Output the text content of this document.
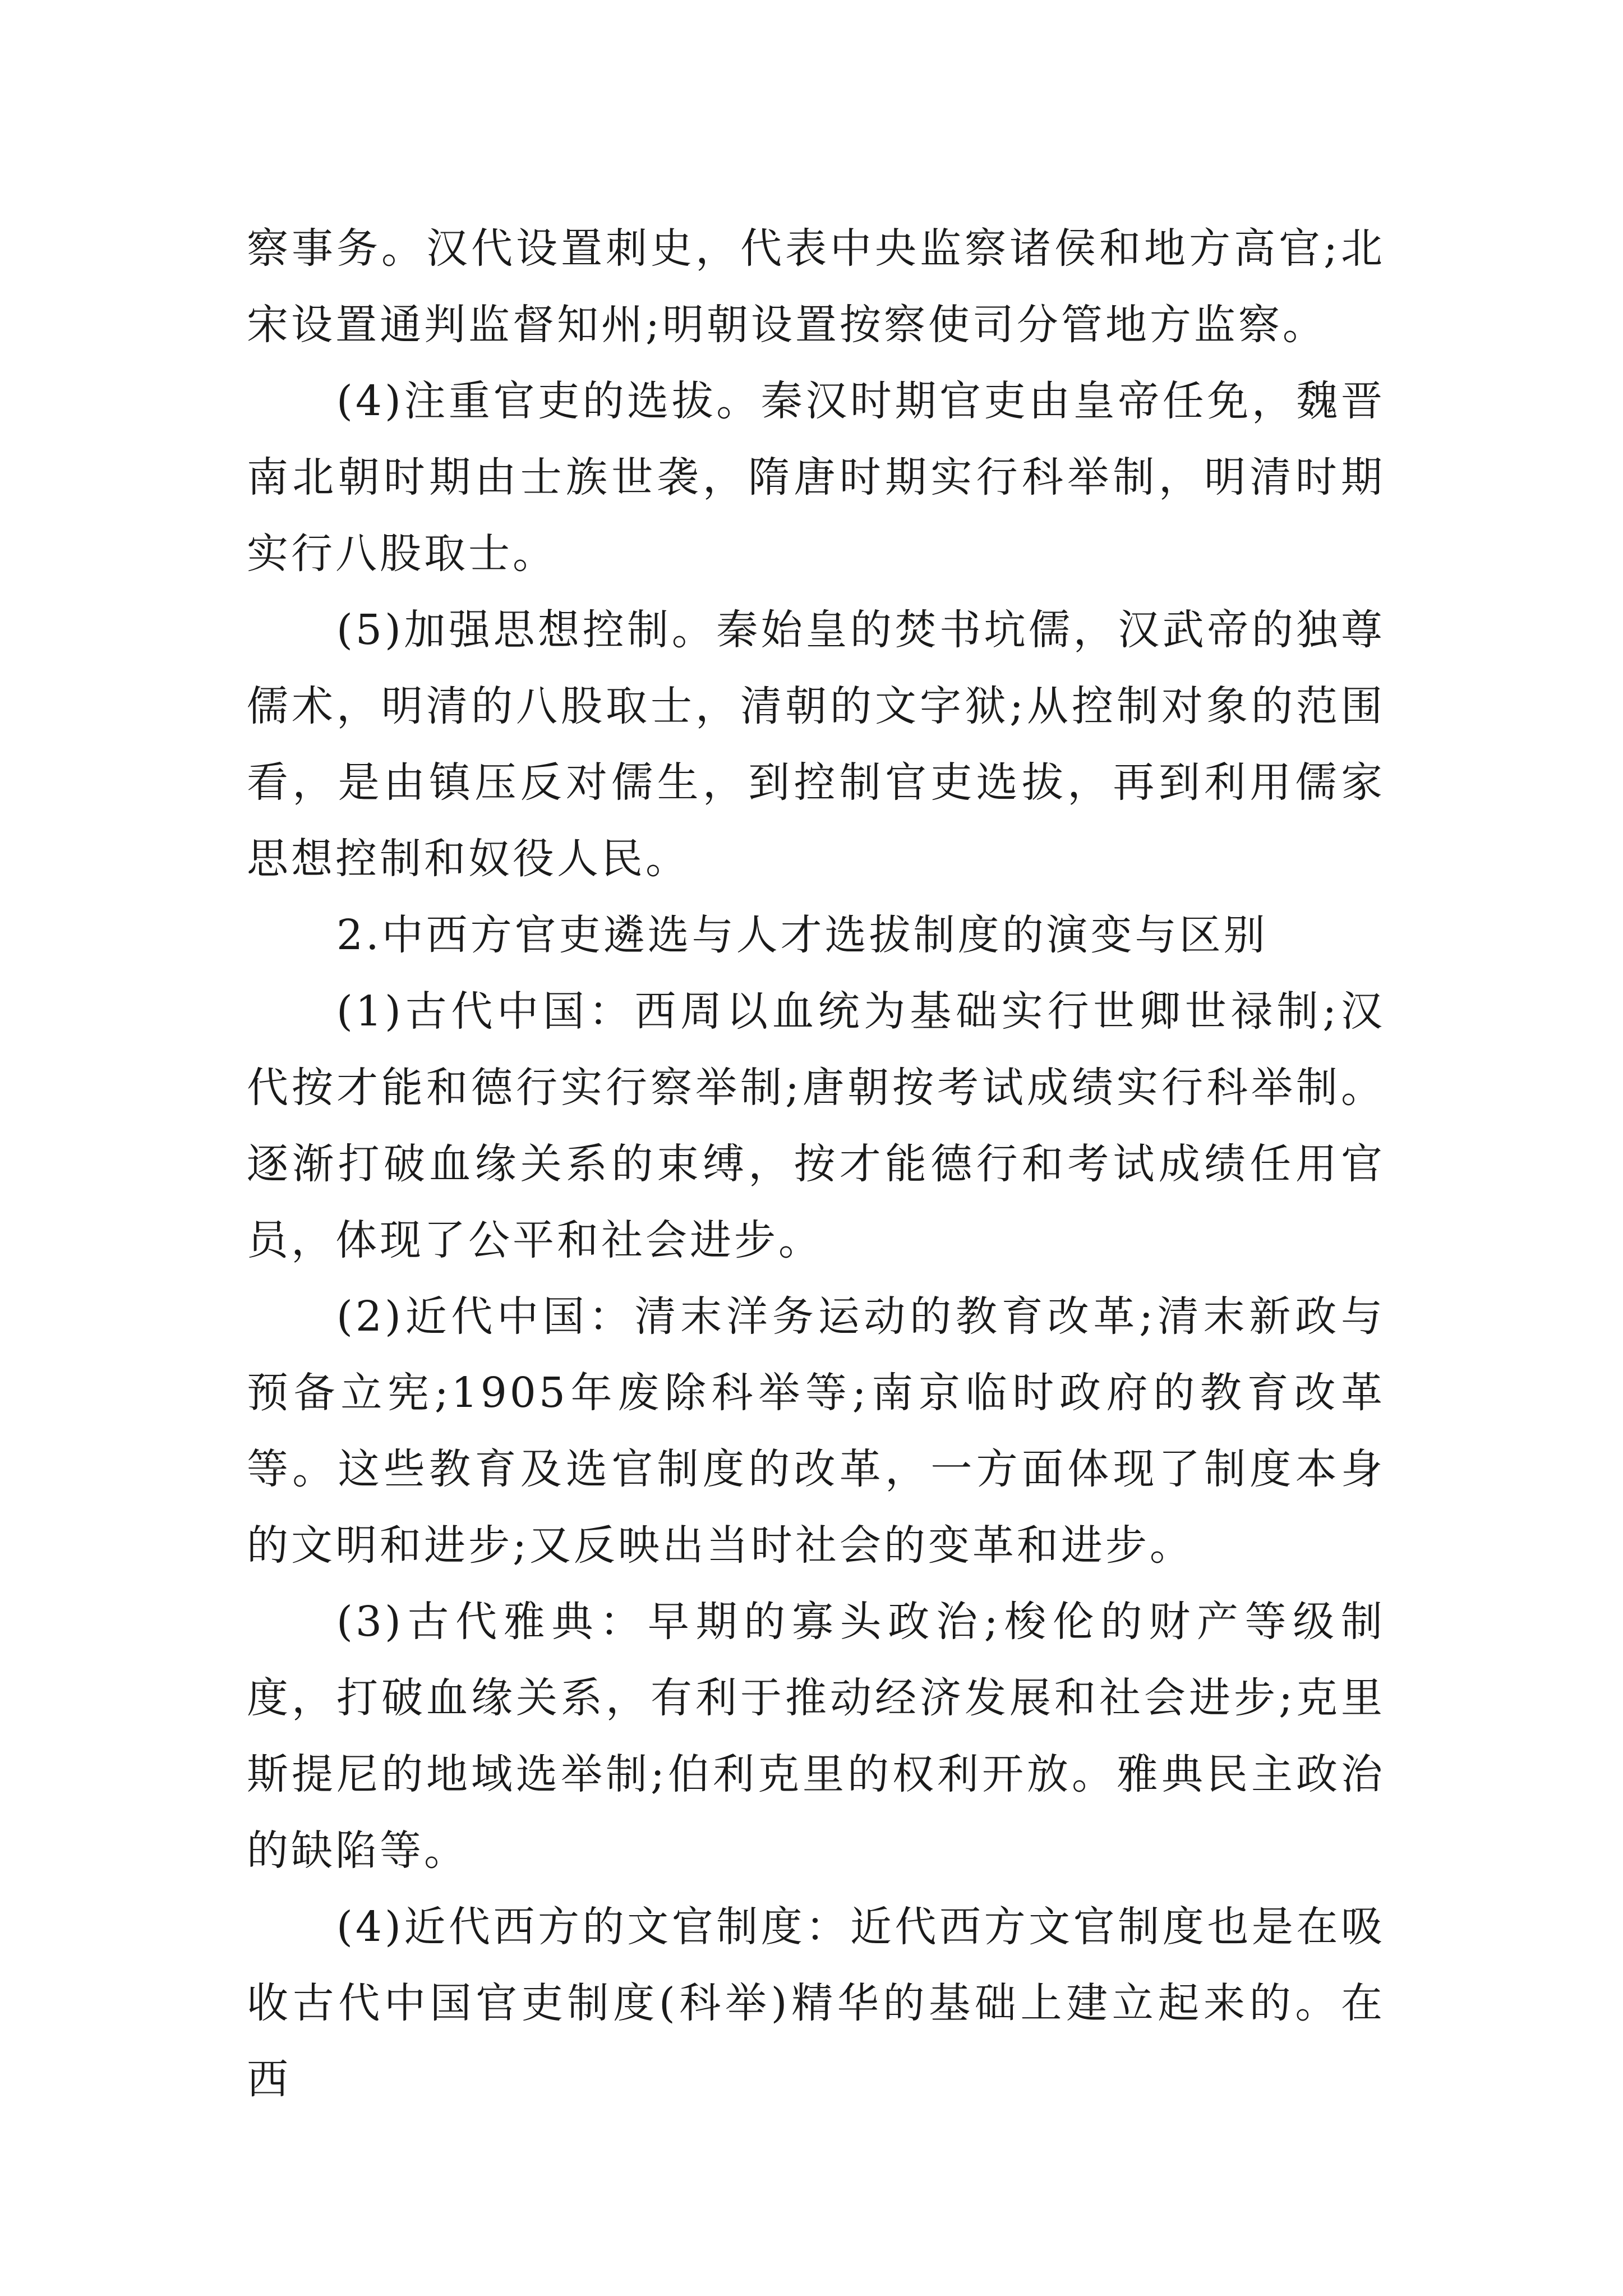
察事务。汉代设置刺史，代表中央监察诸侯和地方高官;北宋设置通判监督知州;明朝设置按察使司分管地方监察。

(4)注重官吏的选拔。秦汉时期官吏由皇帝任免，魏晋南北朝时期由士族世袭，隋唐时期实行科举制，明清时期实行八股取士。

(5)加强思想控制。秦始皇的焚书坑儒，汉武帝的独尊儒术，明清的八股取士，清朝的文字狱;从控制对象的范围看，是由镇压反对儒生，到控制官吏选拔，再到利用儒家思想控制和奴役人民。

2.中西方官吏遴选与人才选拔制度的演变与区别

(1)古代中国：西周以血统为基础实行世卿世禄制;汉代按才能和德行实行察举制;唐朝按考试成绩实行科举制。逐渐打破血缘关系的束缚，按才能德行和考试成绩任用官员，体现了公平和社会进步。

(2)近代中国：清末洋务运动的教育改革;清末新政与预备立宪;1905年废除科举等;南京临时政府的教育改革等。这些教育及选官制度的改革，一方面体现了制度本身的文明和进步;又反映出当时社会的变革和进步。

(3)古代雅典：早期的寡头政治;梭伦的财产等级制度，打破血缘关系，有利于推动经济发展和社会进步;克里斯提尼的地域选举制;伯利克里的权利开放。雅典民主政治的缺陷等。

(4)近代西方的文官制度：近代西方文官制度也是在吸收古代中国官吏制度(科举)精华的基础上建立起来的。在西
